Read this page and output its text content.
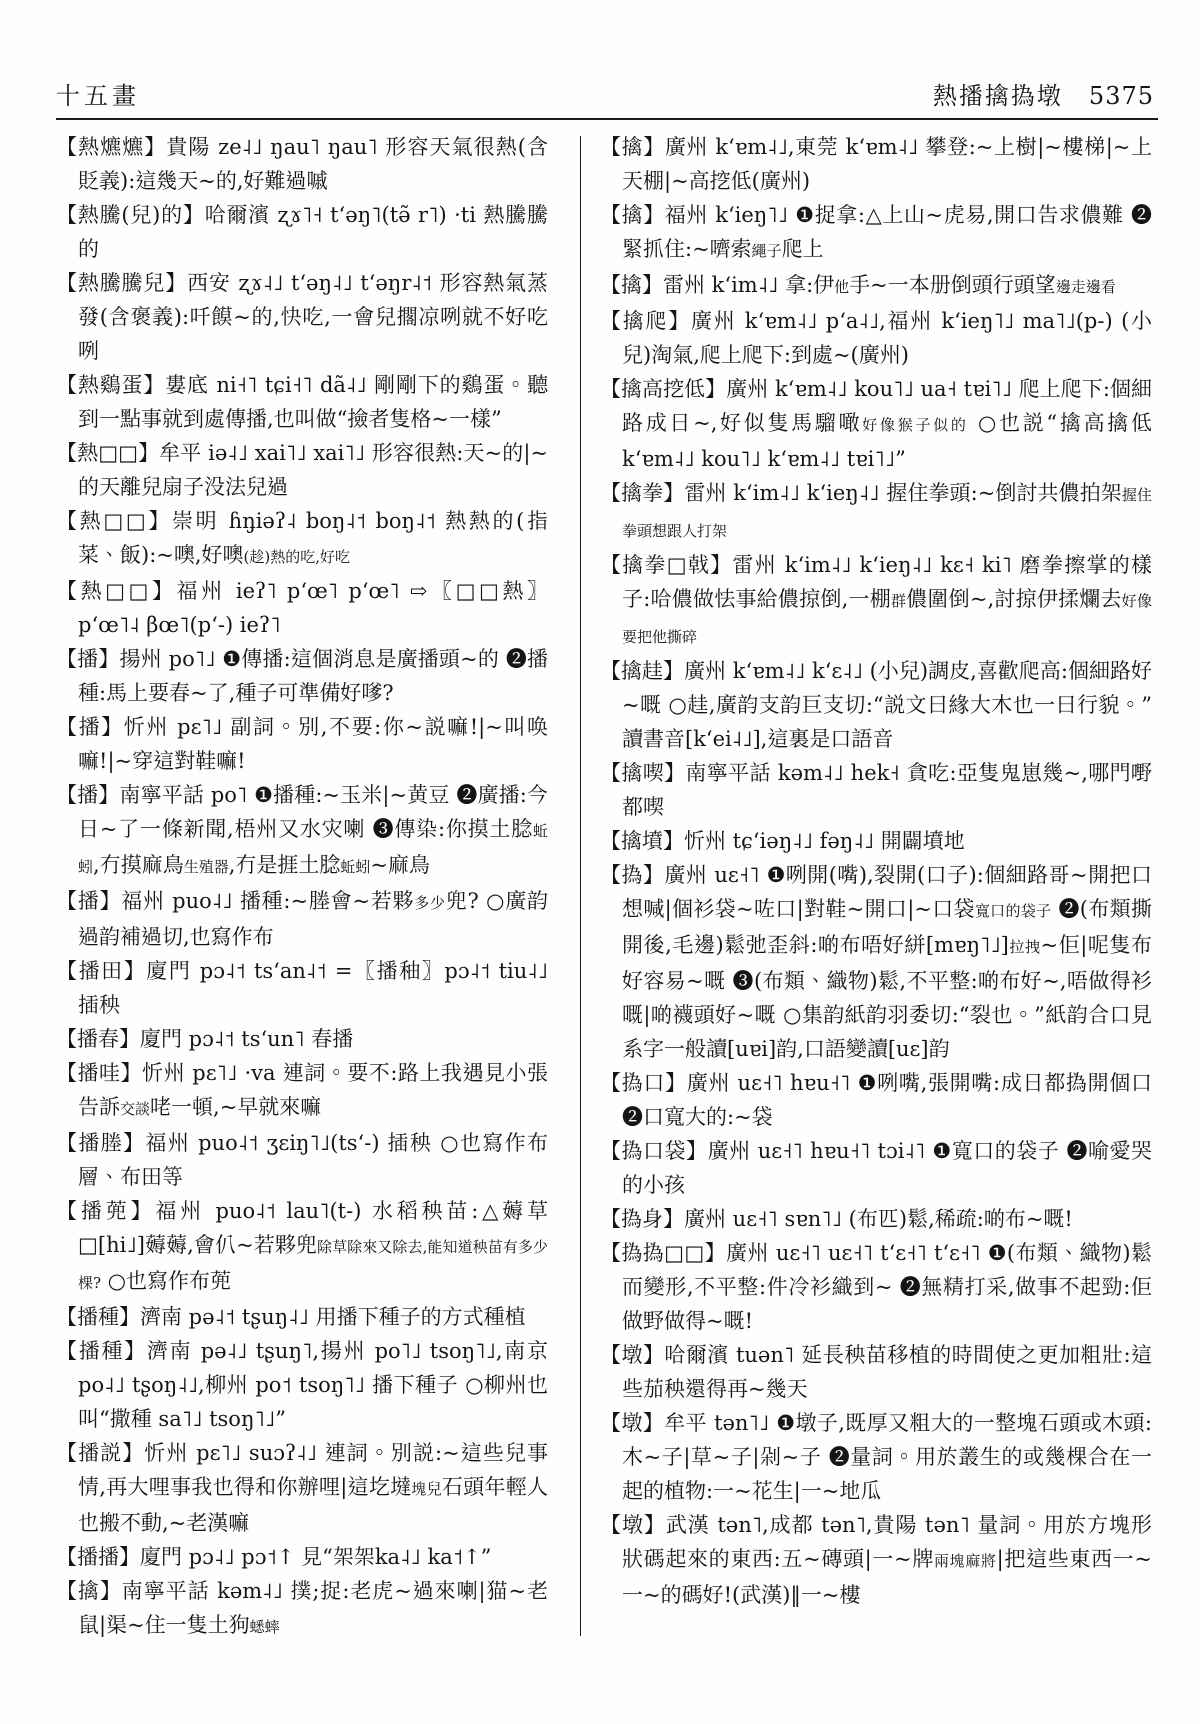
十五畫	熱播擒撝墩 5375

【熱爊爊】貴陽 ze˨˩ ŋau˥ ŋau˥ 形容天氣很熱(含貶義):這幾天~的,好難過嘁

【熱騰(兒)的】哈爾濱 ʐɤ˥˧ tʻəŋ˥(tə̃ r˥) ·ti 熱騰騰的

【熱騰騰兒】西安 ʐɤ˨˩ tʻəŋ˨˩ tʻəŋr˨˦ 形容熱氣蒸發(含褒義):吀饃~的,快吃,一會兒擱凉咧就不好吃咧

【熱鷄蛋】婁底 ni˧˥ tɕi˧˥ dã˨˩ 剛剛下的鷄蛋。聽到一點事就到處傳播,也叫做“撿者隻格~一樣”

【熱□□】牟平 iə˨˩ xai˥˩ xai˥˩ 形容很熱:天~的|~的天離兒扇子没法兒過

【熱□□】崇明 ɦn̡iəʔ˨ boŋ˨˦ boŋ˨˦ 熱熱的(指菜、飯):~噢,好噢(趁)熱的吃,好吃

【熱□□】福州 ieʔ˥ pʻœ˥ pʻœ˥ ⇨〖□□熱〗pʻœ˥˨ βœ˥(pʻ-) ieʔ˥

【播】揚州 po˥˩ ❶傳播:這個消息是廣播頭~的 ❷播種:馬上要春~了,種子可準備好嗲?

【播】忻州 pε˥˩ 副詞。別,不要:你~説嘛!|~叫唤嘛!|~穿這對鞋嘛!

【播】南寧平話 po˥ ❶播種:~玉米|~黄豆 ❷廣播:今日~了一條新聞,梧州又水灾喇 ❸傳染:你摸土腍蚯蚓,冇摸麻鳥生殖器,冇是捱土腍蚯蚓~麻鳥

【播】福州 puo˨˩ 播種:~塍會~若夥多少兜? ○廣韵過韵補過切,也寫作布

【播田】廈門 pɔ˨˦ tsʻan˨˦ =〖播秞〗pɔ˨˦ tiu˨˩ 插秧

【播春】廈門 pɔ˨˦ tsʻun˥ 春播

【播哇】忻州 pε˥˩ ·va 連詞。要不:路上我遇見小張告訴交談咾一頓,~早就來嘛

【播塍】福州 puo˨˦ ʒεiŋ˥˩(tsʻ-) 插秧 ○也寫作布層、布田等

【播蔸】福州 puo˨˦ lau˥(t-) 水稻秧苗:△薅草□[hi˩]薅薅,會仈~若夥兜除草除來又除去,能知道秧苗有多少棵? ○也寫作布蔸

【播種】濟南 pə˨˦ tʂuŋ˨˩ 用播下種子的方式種植

【播種】濟南 pə˨˩ tʂuŋ˥,揚州 po˥˩ tsoŋ˥˩,南京 po˨˩ tʂoŋ˨˩,柳州 po˦ tsoŋ˥˩ 播下種子 ○柳州也叫“撒種 sa˥˩ tsoŋ˥˩”

【播説】忻州 pε˥˩ suɔʔ˨˩ 連詞。別説:~這些兒事情,再大哩事我也得和你辦哩|這圪墶塊兒石頭年輕人也搬不動,~老漢嘛

【播播】廈門 pɔ˨˩ pɔ˦↑ 見“架架ka˨˩ ka˦↑”

【擒】南寧平話 kəm˨˩ 撲;捉:老虎~過來喇|猫~老鼠|渠~住一隻土狗蟋蟀

【擒】廣州 kʻɐm˨˩,東莞 kʻɐm˨˩ 攀登:~上樹|~樓梯|~上天棚|~高挖低(廣州)

【擒】福州 kʻieŋ˥˩ ❶捉拿:△上山~虎易,開口告求儂難 ❷緊抓住:~嚌索繩子爬上

【擒】雷州 kʻim˨˩ 拿:伊他手~一本册倒頭行頭望邊走邊看

【擒爬】廣州 kʻɐm˨˩ pʻa˨˩,福州 kʻieŋ˥˩ ma˥˩(p-) (小兒)淘氣,爬上爬下:到處~(廣州)

【擒高挖低】廣州 kʻɐm˨˩ kou˥˩ ua˧ tɐi˥˩ 爬上爬下:個細路成日~,好似隻馬騮噉好像猴子似的 ○也説“擒高擒低 kʻɐm˨˩ kou˥˩ kʻɐm˨˩ tɐi˥˩”

【擒拳】雷州 kʻim˨˩ kʻieŋ˨˩ 握住拳頭:~倒討共儂拍架握住拳頭想跟人打架

【擒拳□戟】雷州 kʻim˨˩ kʻieŋ˨˩ kε˧ ki˥ 磨拳擦掌的樣子:哈儂做怯事給儂掠倒,一棚群儂圍倒~,討掠伊揉爛去好像要把他撕碎

【擒䞨】廣州 kʻɐm˨˩ kʻε˨˩ (小兒)調皮,喜歡爬高:個細路好~嘅 ○䞨,廣韵支韵巨支切:“説文曰緣大木也一曰行貌。”讀書音[kʻei˨˩],這裏是口語音

【擒喫】南寧平話 kəm˨˩ hek˧ 貪吃:亞隻鬼崽幾~,哪門嘢都喫

【擒墳】忻州 tɕʻiəŋ˨˩ fəŋ˨˩ 開闢墳地

【撝】廣州 uε˧˥ ❶咧開(嘴),裂開(口子):個細路哥~開把口想喊|個衫袋~咗口|對鞋~開口|~口袋寬口的袋子 ❷(布類撕開後,毛邊)鬆弛歪斜:啲布唔好絣[mɐŋ˥˩]拉拽~佢|呢隻布好容易~嘅 ❸(布類、織物)鬆,不平整:啲布好~,唔做得衫嘅|啲襪頭好~嘅 ○集韵紙韵羽委切:“裂也。”紙韵合口見系字一般讀[uɐi]韵,口語變讀[uε]韵

【撝口】廣州 uε˧˥ hɐu˧˥ ❶咧嘴,張開嘴:成日都撝開個口 ❷口寬大的:~袋

【撝口袋】廣州 uε˧˥ hɐu˧˥ tɔi˨˥ ❶寬口的袋子 ❷喻愛哭的小孩

【撝身】廣州 uε˧˥ sɐn˥˩ (布匹)鬆,稀疏:啲布~嘅!

【撝撝□□】廣州 uε˧˥ uε˧˥ tʻε˧˥ tʻε˧˥ ❶(布類、織物)鬆而變形,不平整:件冷衫織到~ ❷無精打采,做事不起勁:佢做野做得~嘅!

【墩】哈爾濱 tuən˥ 延長秧苗移植的時間使之更加粗壯:這些茄秧還得再~幾天

【墩】牟平 tən˥˩ ❶墩子,既厚又粗大的一整塊石頭或木頭:木~子|草~子|剁~子 ❷量詞。用於叢生的或幾棵合在一起的植物:一~花生|一~地瓜

【墩】武漢 tən˥,成都 tən˥,貴陽 tən˥ 量詞。用於方塊形狀碼起來的東西:五~磚頭|一~牌兩塊麻將|把這些東西一~一~的碼好!(武漢)‖一~樓
